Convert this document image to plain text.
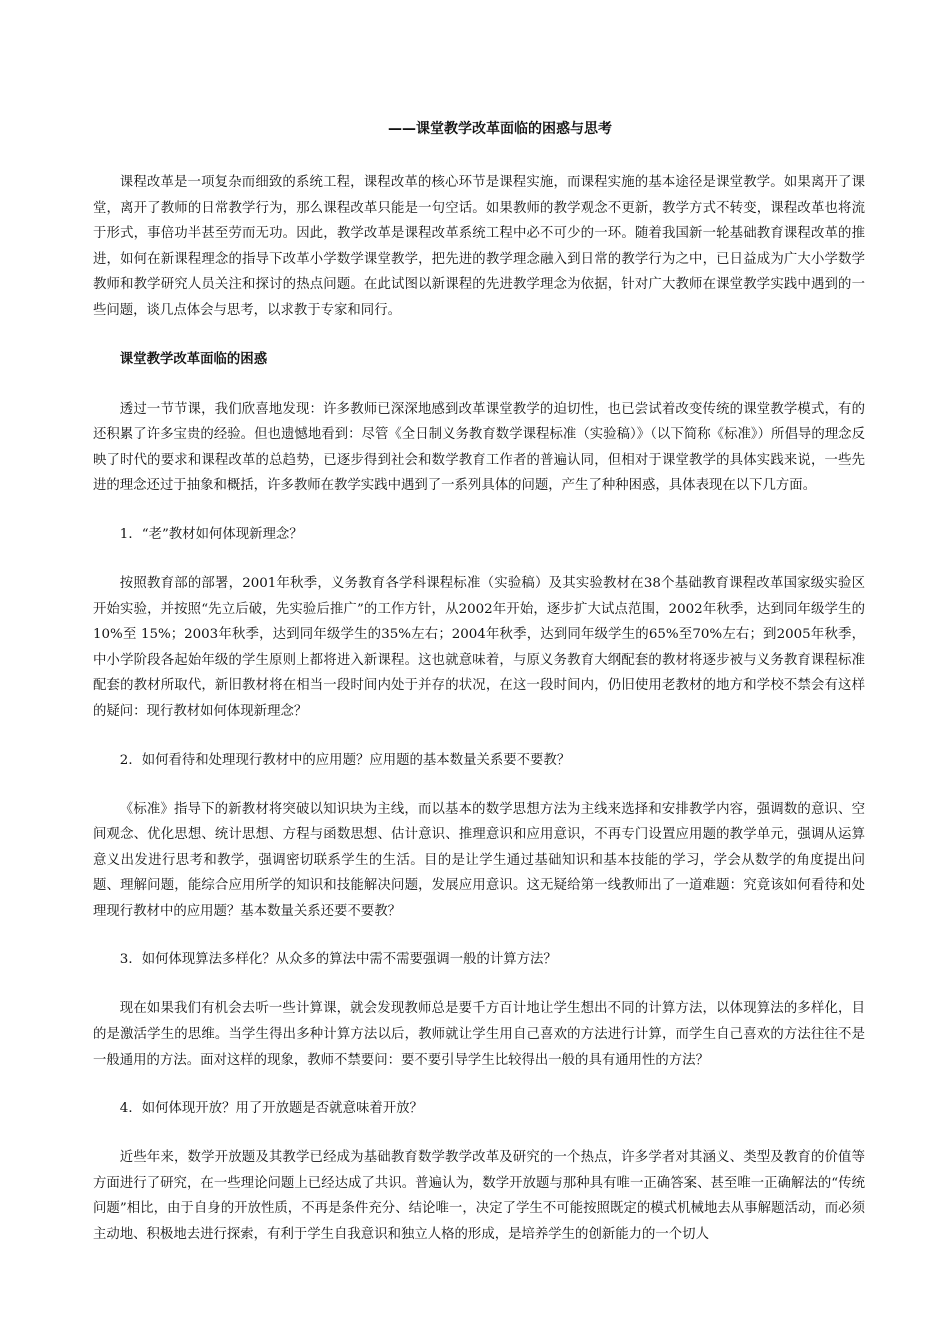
——课堂教学改革面临的困惑与思考

课程改革是一项复杂而细致的系统工程，课程改革的核心环节是课程实施，而课程实施的基本途径是课堂教学。如果离开了课堂，离开了教师的日常教学行为，那么课程改革只能是一句空话。如果教师的教学观念不更新，教学方式不转变，课程改革也将流于形式，事倍功半甚至劳而无功。因此，教学改革是课程改革系统工程中必不可少的一环。随着我国新一轮基础教育课程改革的推进，如何在新课程理念的指导下改革小学数学课堂教学，把先进的教学理念融入到日常的教学行为之中，已日益成为广大小学数学教师和教学研究人员关注和探讨的热点问题。在此试图以新课程的先进教学理念为依据，针对广大教师在课堂教学实践中遇到的一些问题，谈几点体会与思考，以求教于专家和同行。

课堂教学改革面临的困惑

透过一节节课，我们欣喜地发现：许多教师已深深地感到改革课堂教学的迫切性，也已尝试着改变传统的课堂教学模式，有的还积累了许多宝贵的经验。但也遗憾地看到：尽管《全日制义务教育数学课程标准（实验稿）》（以下简称《标准》）所倡导的理念反映了时代的要求和课程改革的总趋势，已逐步得到社会和数学教育工作者的普遍认同，但相对于课堂教学的具体实践来说，一些先进的理念还过于抽象和概括，许多教师在教学实践中遇到了一系列具体的问题，产生了种种困惑，具体表现在以下几方面。

1．“老”教材如何体现新理念？

按照教育部的部署，2001年秋季，义务教育各学科课程标准（实验稿）及其实验教材在38个基础教育课程改革国家级实验区开始实验，并按照“先立后破，先实验后推广”的工作方针，从2002年开始，逐步扩大试点范围，2002年秋季，达到同年级学生的10%至 15%；2003年秋季，达到同年级学生的35%左右；2004年秋季，达到同年级学生的65%至70%左右；到2005年秋季，中小学阶段各起始年级的学生原则上都将进入新课程。这也就意味着，与原义务教育大纲配套的教材将逐步被与义务教育课程标准配套的教材所取代，新旧教材将在相当一段时间内处于并存的状况，在这一段时间内，仍旧使用老教材的地方和学校不禁会有这样的疑问：现行教材如何体现新理念？

2．如何看待和处理现行教材中的应用题？应用题的基本数量关系要不要教？

《标准》指导下的新教材将突破以知识块为主线，而以基本的数学思想方法为主线来选择和安排教学内容，强调数的意识、空间观念、优化思想、统计思想、方程与函数思想、估计意识、推理意识和应用意识，不再专门设置应用题的教学单元，强调从运算意义出发进行思考和教学，强调密切联系学生的生活。目的是让学生通过基础知识和基本技能的学习，学会从数学的角度提出问题、理解问题，能综合应用所学的知识和技能解决问题，发展应用意识。这无疑给第一线教师出了一道难题：究竟该如何看待和处理现行教材中的应用题？基本数量关系还要不要教？

3．如何体现算法多样化？从众多的算法中需不需要强调一般的计算方法？

现在如果我们有机会去听一些计算课，就会发现教师总是要千方百计地让学生想出不同的计算方法，以体现算法的多样化，目的是激活学生的思维。当学生得出多种计算方法以后，教师就让学生用自己喜欢的方法进行计算，而学生自己喜欢的方法往往不是一般通用的方法。面对这样的现象，教师不禁要问：要不要引导学生比较得出一般的具有通用性的方法？

4．如何体现开放？用了开放题是否就意味着开放？

近些年来，数学开放题及其教学已经成为基础教育数学教学改革及研究的一个热点，许多学者对其涵义、类型及教育的价值等方面进行了研究，在一些理论问题上已经达成了共识。普遍认为，数学开放题与那种具有唯一正确答案、甚至唯一正确解法的“传统问题”相比，由于自身的开放性质，不再是条件充分、结论唯一，决定了学生不可能按照既定的模式机械地去从事解题活动，而必须主动地、积极地去进行探索，有利于学生自我意识和独立人格的形成，是培养学生的创新能力的一个切人
